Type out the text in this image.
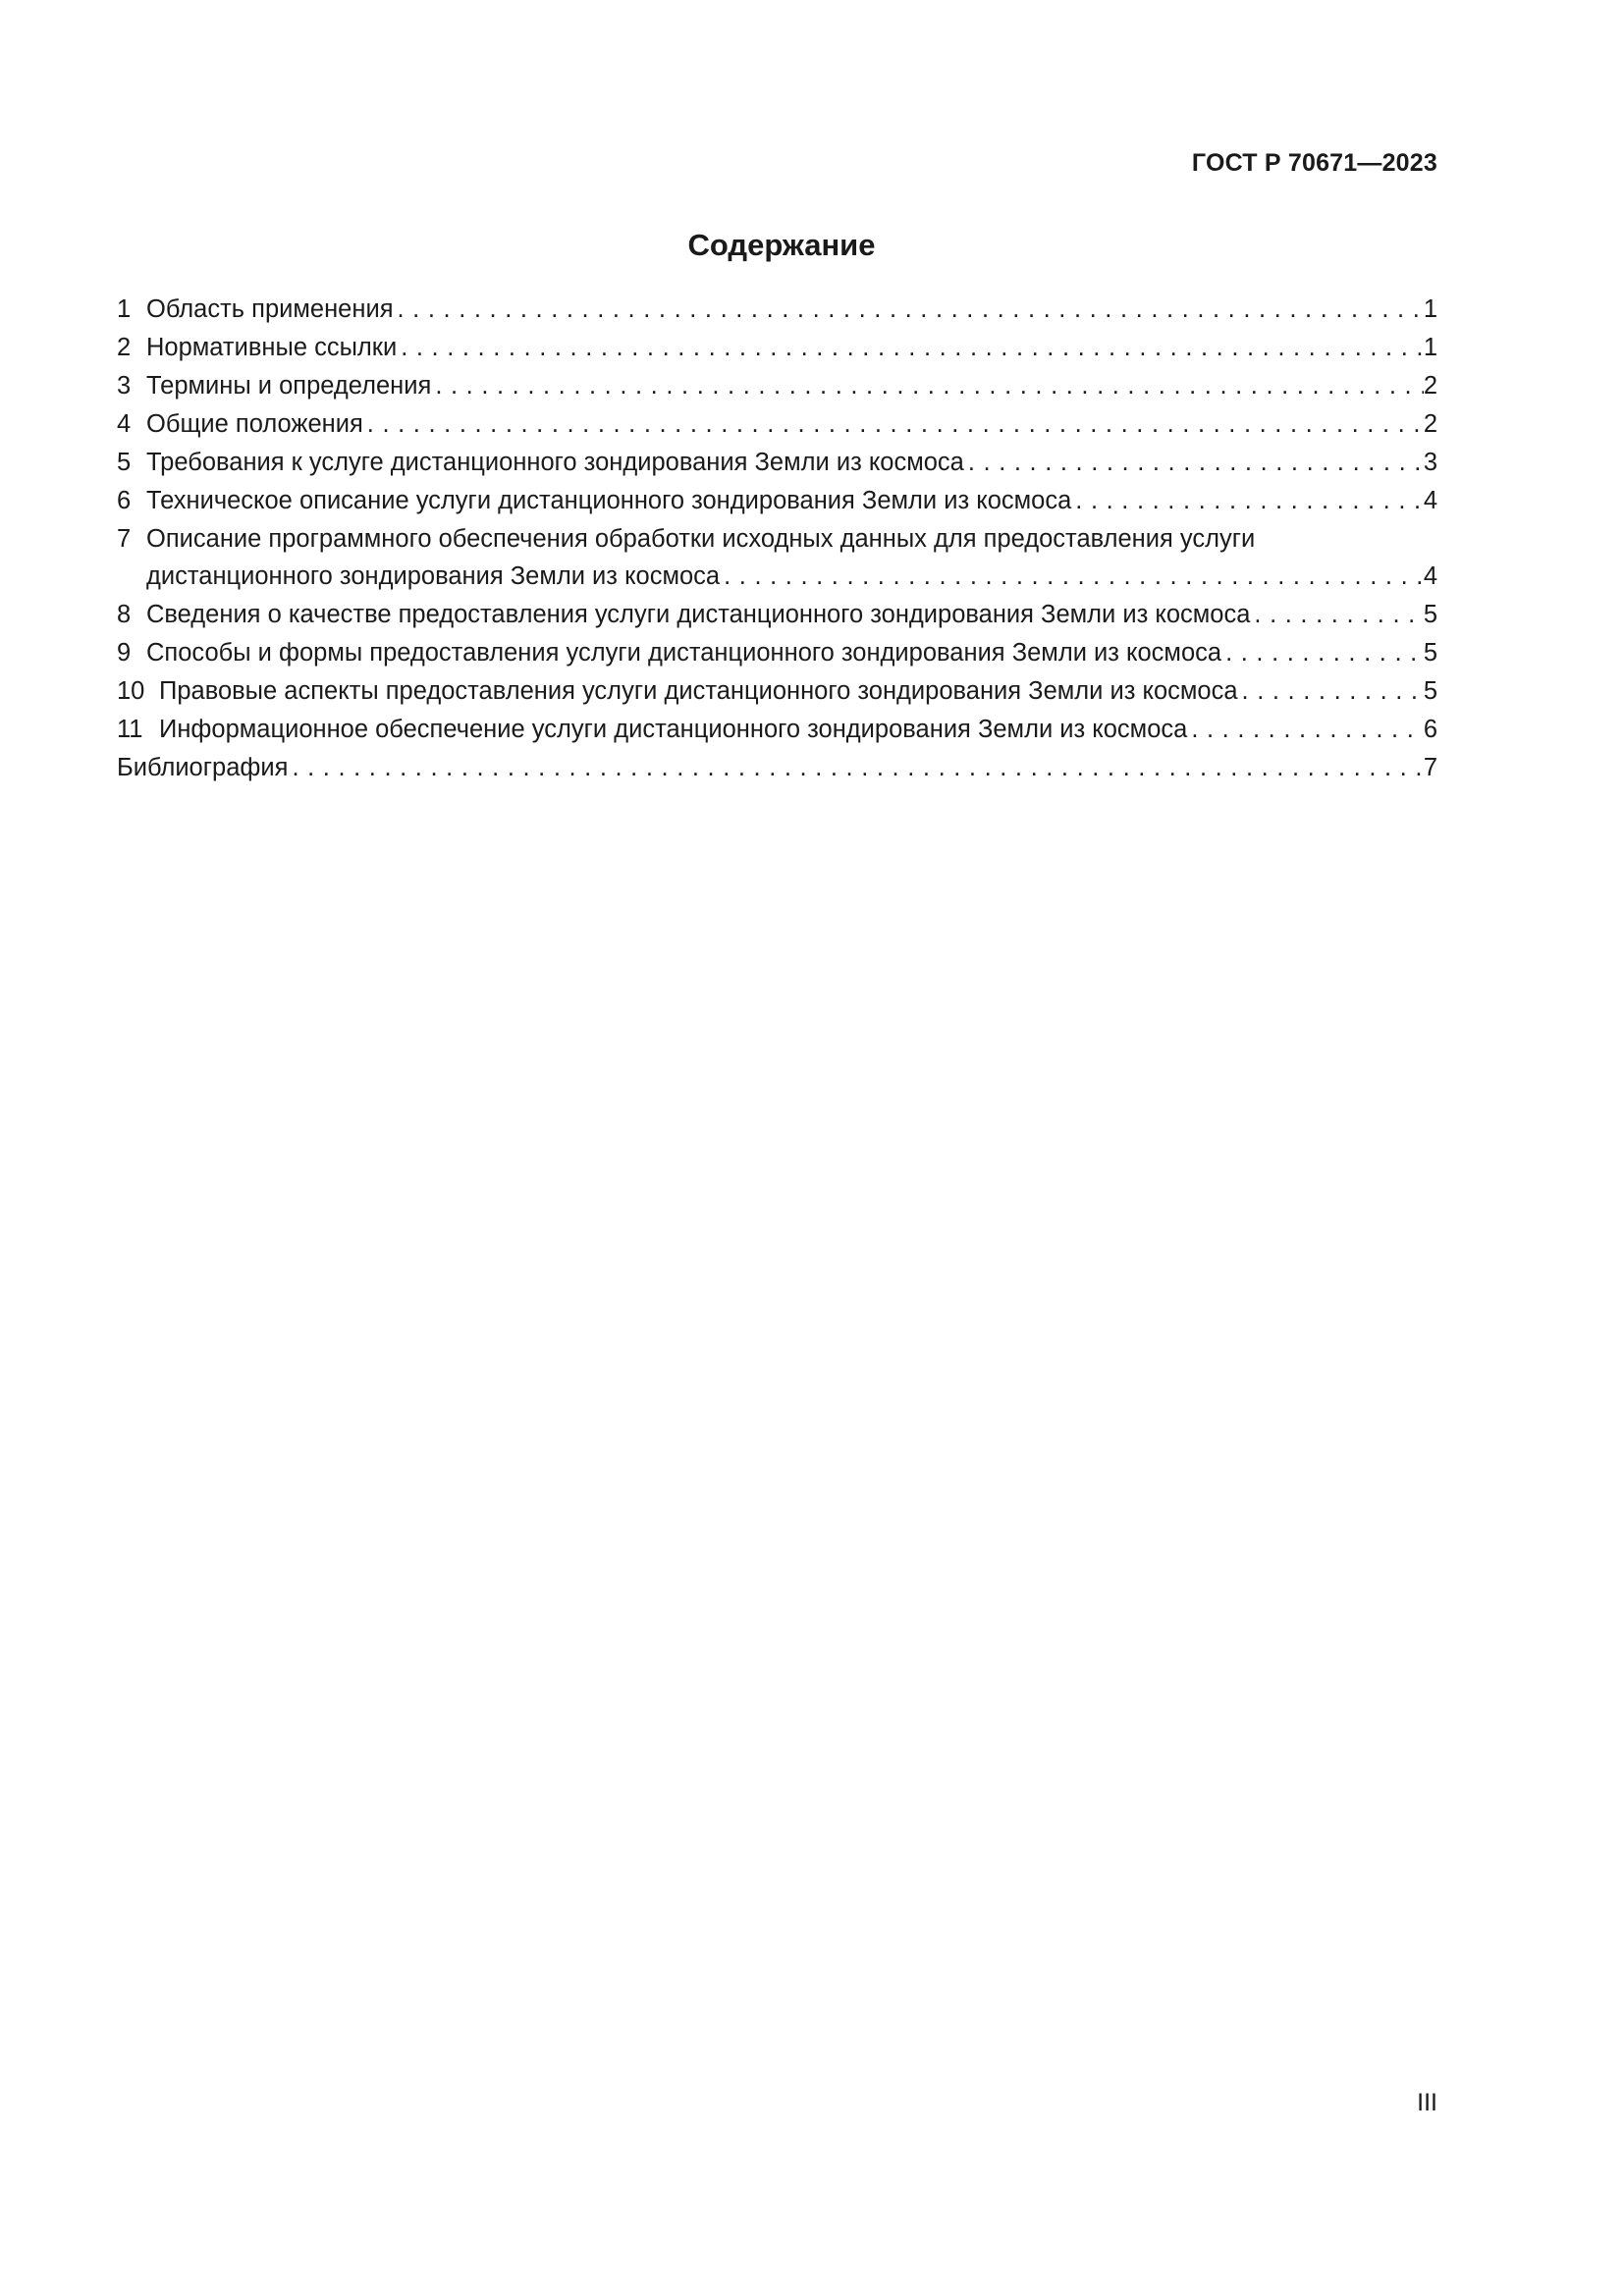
ГОСТ Р 70671—2023
Содержание
1 Область применения . . .	1
2 Нормативные ссылки . . .	1
3 Термины и определения . . .	2
4 Общие положения . . .	2
5 Требования к услуге дистанционного зондирования Земли из космоса . . .	3
6 Техническое описание услуги дистанционного зондирования Земли из космоса . . .	4
7 Описание программного обеспечения обработки исходных данных для предоставления услуги
дистанционного зондирования Земли из космоса . . .	4
8 Сведения о качестве предоставления услуги дистанционного зондирования Земли из космоса . . .	5
9 Способы и формы предоставления услуги дистанционного зондирования Земли из космоса . . .	5
10 Правовые аспекты предоставления услуги дистанционного зондирования Земли из космоса . . .	5
11 Информационное обеспечение услуги дистанционного зондирования Земли из космоса . . .	6
Библиография . . .	7
III
